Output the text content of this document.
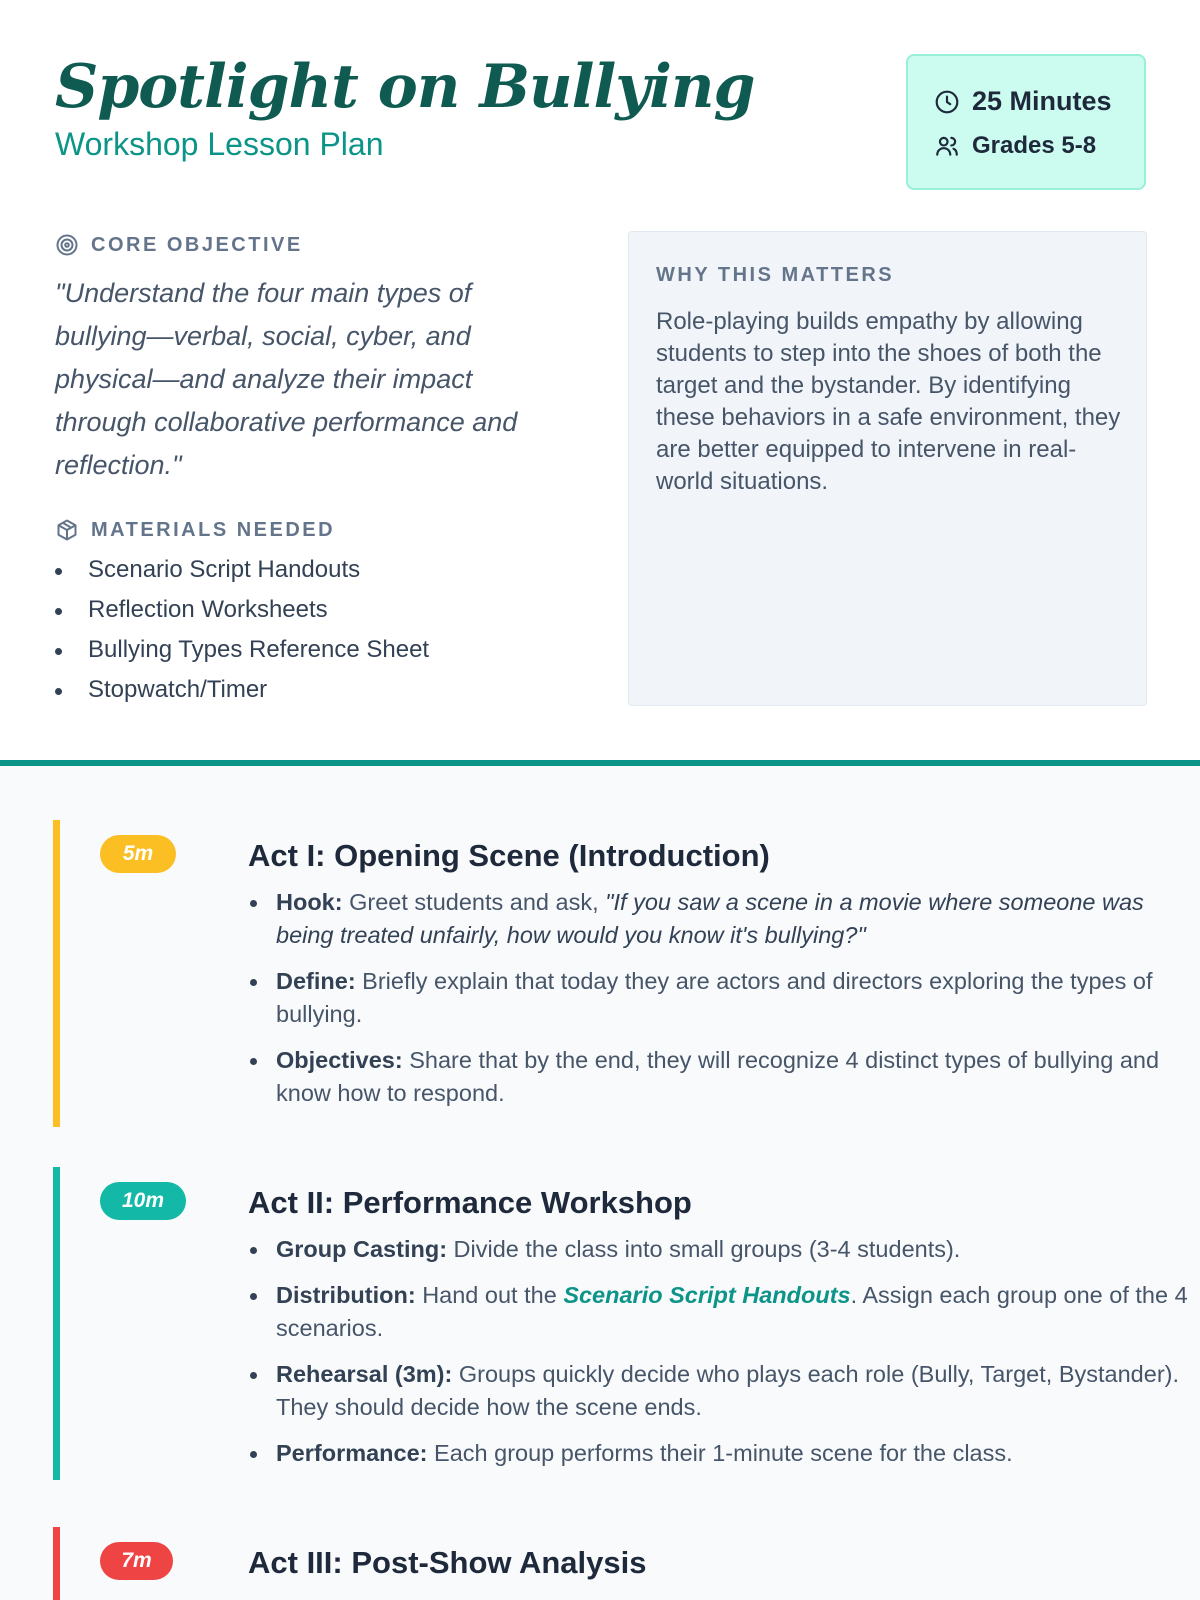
Spotlight on Bullying
Workshop Lesson Plan
25 Minutes
Grades 5-8
CORE OBJECTIVE
"Understand the four main types of bullying—verbal, social, cyber, and physical—and analyze their impact through collaborative performance and reflection."
MATERIALS NEEDED
Scenario Script Handouts
Reflection Worksheets
Bullying Types Reference Sheet
Stopwatch/Timer
WHY THIS MATTERS
Role-playing builds empathy by allowing students to step into the shoes of both the target and the bystander. By identifying these behaviors in a safe environment, they are better equipped to intervene in real-world situations.
5m	Act I: Opening Scene (Introduction)
Hook: Greet students and ask, "If you saw a scene in a movie where someone was being treated unfairly, how would you know it's bullying?"
Define: Briefly explain that today they are actors and directors exploring the types of bullying.
Objectives: Share that by the end, they will recognize 4 distinct types of bullying and know how to respond.
10m	Act II: Performance Workshop
Group Casting: Divide the class into small groups (3-4 students).
Distribution: Hand out the Scenario Script Handouts. Assign each group one of the 4 scenarios.
Rehearsal (3m): Groups quickly decide who plays each role (Bully, Target, Bystander). They should decide how the scene ends.
Performance: Each group performs their 1-minute scene for the class.
7m	Act III: Post-Show Analysis
